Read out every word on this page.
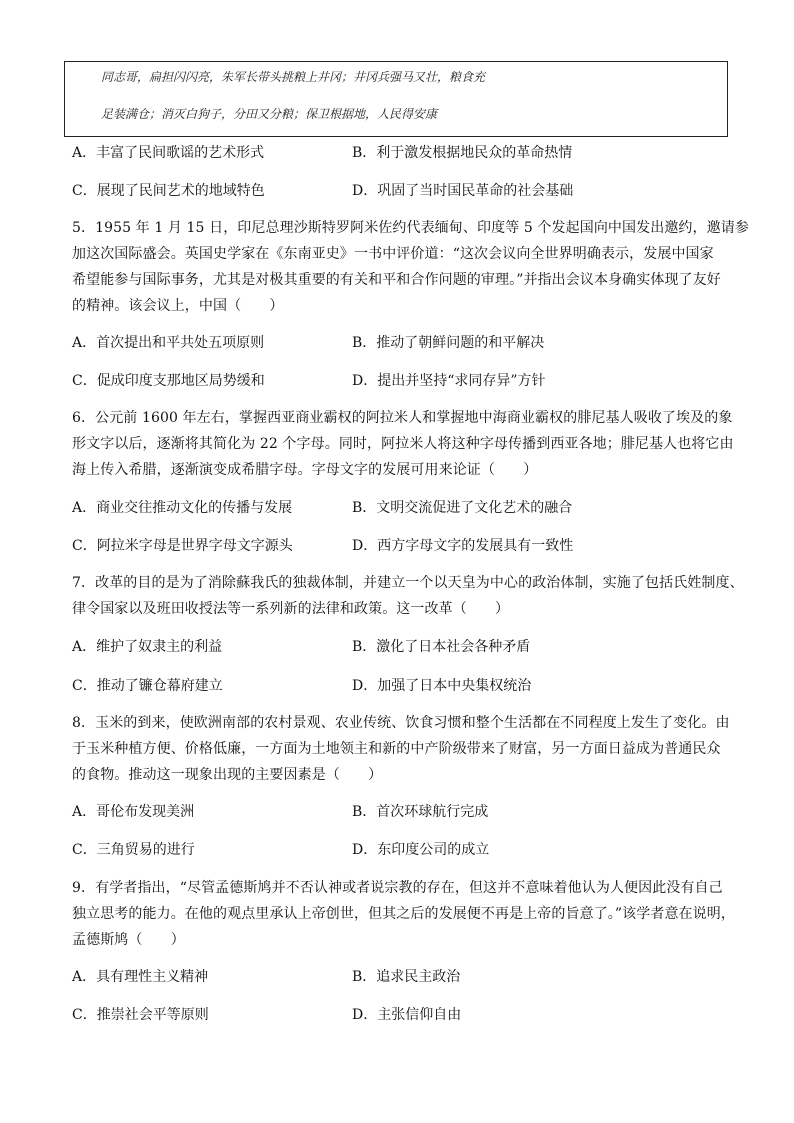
同志哥，扁担闪闪亮，朱军长带头挑粮上井冈；井冈兵强马又壮，粮食充
足装满仓；消灭白狗子，分田又分粮；保卫根据地，人民得安康
A．丰富了民间歌谣的艺术形式	B．利于激发根据地民众的革命热情
C．展现了民间艺术的地域特色	D．巩固了当时国民革命的社会基础
5．1955 年 1 月 15 日，印尼总理沙斯特罗阿米佐约代表缅甸、印度等 5 个发起国向中国发出邀约，邀请参
加这次国际盛会。英国史学家在《东南亚史》一书中评价道：“这次会议向全世界明确表示，发展中国家
希望能参与国际事务，尤其是对极其重要的有关和平和合作问题的审理。”并指出会议本身确实体现了友好
的精神。该会议上，中国（　　）
A．首次提出和平共处五项原则	B．推动了朝鲜问题的和平解决
C．促成印度支那地区局势缓和	D．提出并坚持“求同存异”方针
6．公元前 1600 年左右，掌握西亚商业霸权的阿拉米人和掌握地中海商业霸权的腓尼基人吸收了埃及的象
形文字以后，逐渐将其简化为 22 个字母。同时，阿拉米人将这种字母传播到西亚各地；腓尼基人也将它由
海上传入希腊，逐渐演变成希腊字母。字母文字的发展可用来论证（　　）
A．商业交往推动文化的传播与发展	B．文明交流促进了文化艺术的融合
C．阿拉米字母是世界字母文字源头	D．西方字母文字的发展具有一致性
7．改革的目的是为了消除蘇我氏的独裁体制，并建立一个以天皇为中心的政治体制，实施了包括氏姓制度、
律令国家以及班田收授法等一系列新的法律和政策。这一改革（　　）
A．维护了奴隶主的利益	B．激化了日本社会各种矛盾
C．推动了镰仓幕府建立	D．加强了日本中央集权统治
8．玉米的到来，使欧洲南部的农村景观、农业传统、饮食习惯和整个生活都在不同程度上发生了变化。由
于玉米种植方便、价格低廉，一方面为土地领主和新的中产阶级带来了财富，另一方面日益成为普通民众
的食物。推动这一现象出现的主要因素是（　　）
A．哥伦布发现美洲	B．首次环球航行完成
C．三角贸易的进行	D．东印度公司的成立
9．有学者指出，“尽管孟德斯鸠并不否认神或者说宗教的存在，但这并不意味着他认为人便因此没有自己
独立思考的能力。在他的观点里承认上帝创世，但其之后的发展便不再是上帝的旨意了。”该学者意在说明，
孟德斯鸠（　　）
A．具有理性主义精神	B．追求民主政治
C．推崇社会平等原则	D．主张信仰自由
